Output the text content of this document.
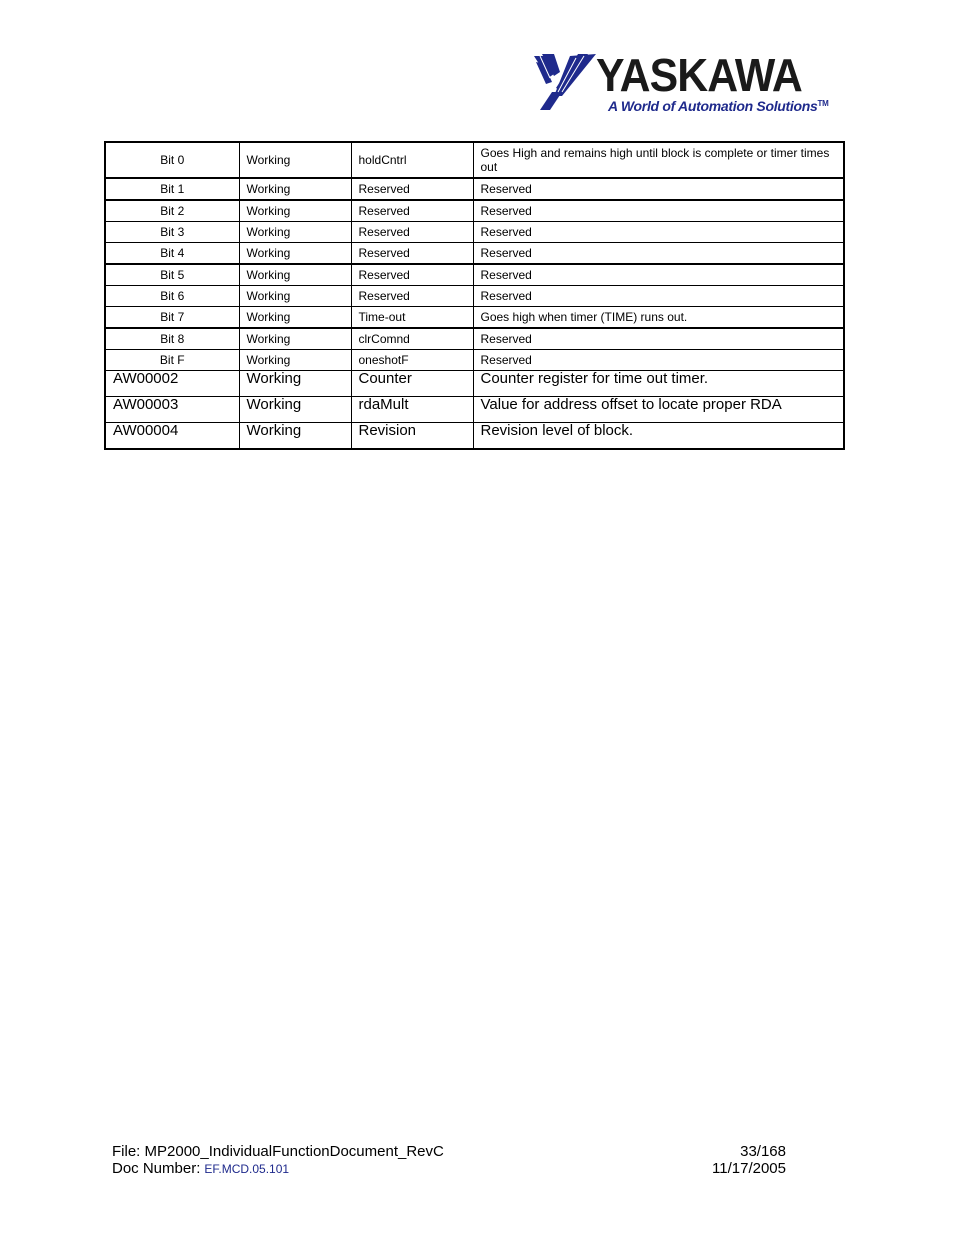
YASKAWA
A World of Automation Solutions™
Bit 0	Working	holdCntrl	Goes High and remains high until block is complete or timer times out
Bit 1	Working	Reserved	Reserved
Bit 2	Working	Reserved	Reserved
Bit 3	Working	Reserved	Reserved
Bit 4	Working	Reserved	Reserved
Bit 5	Working	Reserved	Reserved
Bit 6	Working	Reserved	Reserved
Bit 7	Working	Time-out	Goes high when timer (TIME) runs out.
Bit 8	Working	clrComnd	Reserved
Bit F	Working	oneshotF	Reserved
AW00002	Working	Counter	Counter register for time out timer.
AW00003	Working	rdaMult	Value for address offset to locate proper RDA
AW00004	Working	Revision	Revision level of block.
File: MP2000_IndividualFunctionDocument_RevC	33/168
Doc Number: EF.MCD.05.101	11/17/2005
